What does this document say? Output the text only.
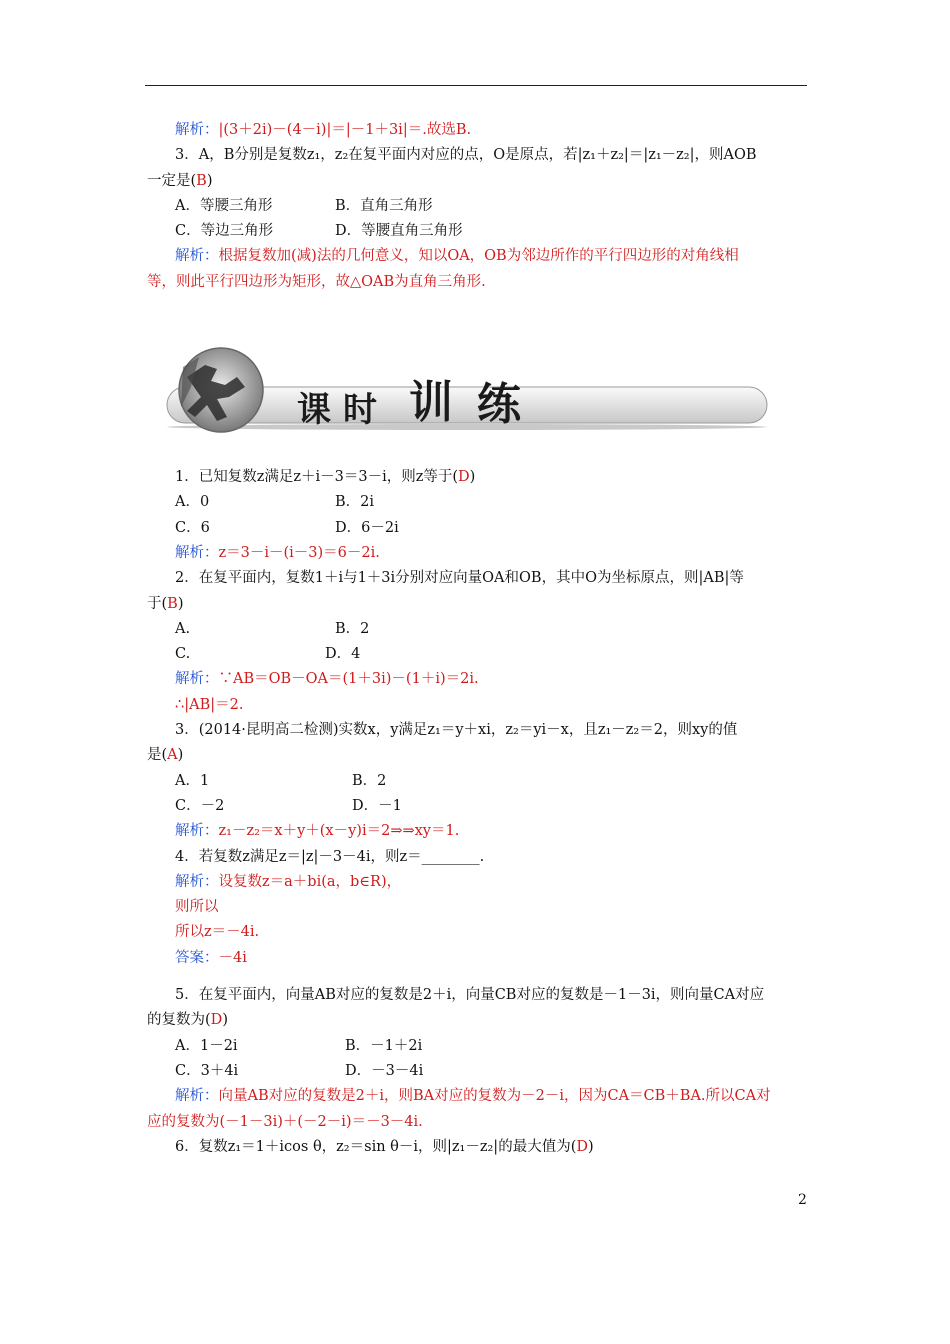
解析：|(3＋2i)－(4－i)|＝|－1＋3i|＝.故选B.
3．A，B分别是复数z₁，z₂在复平面内对应的点，O是原点，若|z₁＋z₂|＝|z₁－z₂|，则AOB
一定是(B)
A．等腰三角形	B．直角三角形
C．等边三角形	D．等腰直角三角形
解析：根据复数加(减)法的几何意义，知以OA，OB为邻边所作的平行四边形的对角线相
等，则此平行四边形为矩形，故△OAB为直角三角形.
课 时 训 练
1．已知复数z满足z＋i－3＝3－i，则z等于(D)
A．0	B．2i
C．6	D．6－2i
解析：z＝3－i－(i－3)＝6－2i.
2．在复平面内，复数1＋i与1＋3i分别对应向量OA和OB，其中O为坐标原点，则|AB|等
于(B)
A.	B．2
C.	D．4
解析：∵AB＝OB－OA＝(1＋3i)－(1＋i)＝2i.
∴|AB|＝2.
3．(2014·昆明高二检测)实数x，y满足z₁＝y＋xi，z₂＝yi－x，且z₁－z₂＝2，则xy的值
是(A)
A．1	B．2
C．－2	D．－1
解析：z₁－z₂＝x＋y＋(x－y)i＝2⇒⇒xy＝1.
4．若复数z满足z＝|z|－3－4i，则z＝________.
解析：设复数z＝a＋bi(a，b∈R)，
则所以
所以z＝－4i.
答案：－4i
5．在复平面内，向量AB对应的复数是2＋i，向量CB对应的复数是－1－3i，则向量CA对应
的复数为(D)
A．1－2i	B．－1＋2i
C．3＋4i	D．－3－4i
解析：向量AB对应的复数是2＋i，则BA对应的复数为－2－i，因为CA＝CB＋BA.所以CA对
应的复数为(－1－3i)＋(－2－i)＝－3－4i.
6．复数z₁＝1＋icos θ，z₂＝sin θ－i，则|z₁－z₂|的最大值为(D)
2
